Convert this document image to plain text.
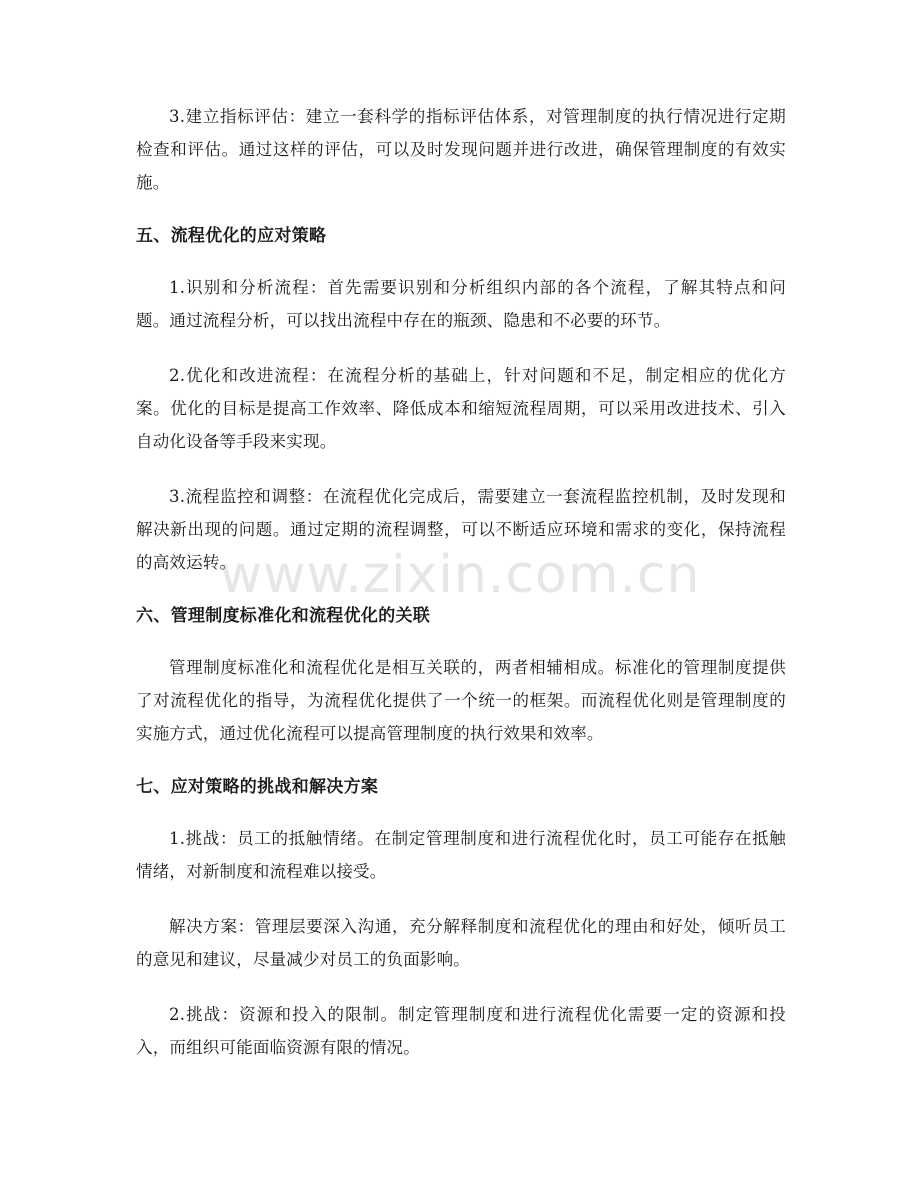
www.zixin.com.cn

3.建立指标评估：建立一套科学的指标评估体系，对管理制度的执行情况进行定期检查和评估。通过这样的评估，可以及时发现问题并进行改进，确保管理制度的有效实施。

五、流程优化的应对策略

1.识别和分析流程：首先需要识别和分析组织内部的各个流程，了解其特点和问题。通过流程分析，可以找出流程中存在的瓶颈、隐患和不必要的环节。

2.优化和改进流程：在流程分析的基础上，针对问题和不足，制定相应的优化方案。优化的目标是提高工作效率、降低成本和缩短流程周期，可以采用改进技术、引入自动化设备等手段来实现。

3.流程监控和调整：在流程优化完成后，需要建立一套流程监控机制，及时发现和解决新出现的问题。通过定期的流程调整，可以不断适应环境和需求的变化，保持流程的高效运转。

六、管理制度标准化和流程优化的关联

管理制度标准化和流程优化是相互关联的，两者相辅相成。标准化的管理制度提供了对流程优化的指导，为流程优化提供了一个统一的框架。而流程优化则是管理制度的实施方式，通过优化流程可以提高管理制度的执行效果和效率。

七、应对策略的挑战和解决方案

1.挑战：员工的抵触情绪。在制定管理制度和进行流程优化时，员工可能存在抵触情绪，对新制度和流程难以接受。

解决方案：管理层要深入沟通，充分解释制度和流程优化的理由和好处，倾听员工的意见和建议，尽量减少对员工的负面影响。

2.挑战：资源和投入的限制。制定管理制度和进行流程优化需要一定的资源和投入，而组织可能面临资源有限的情况。
